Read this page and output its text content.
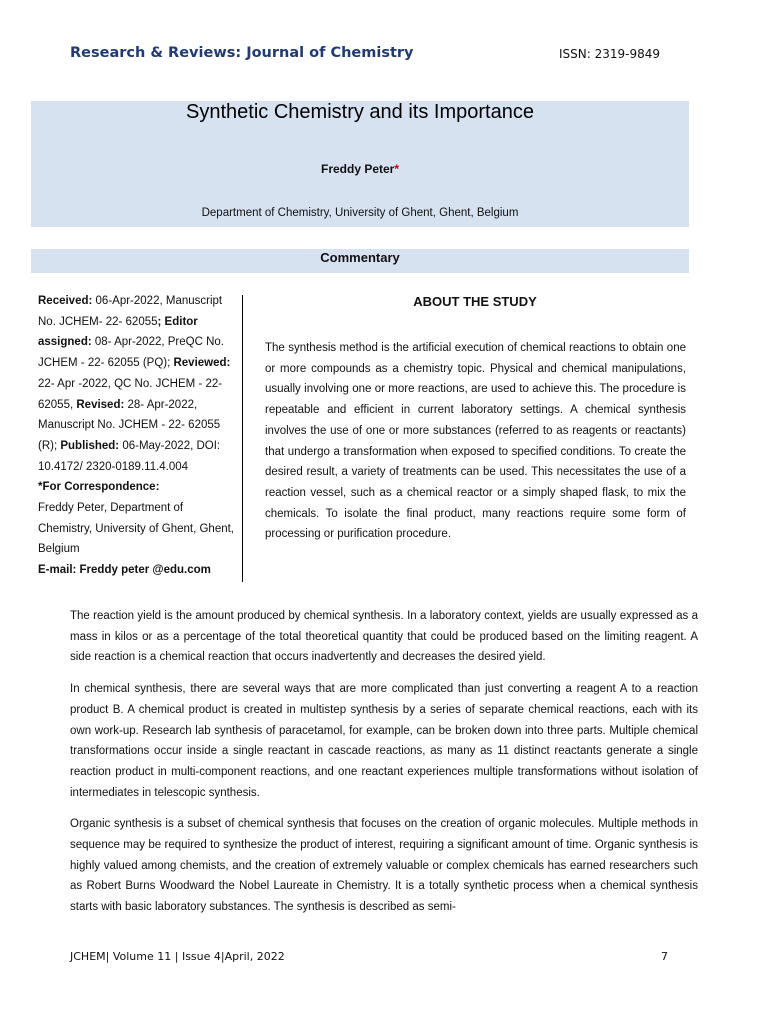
Research & Reviews: Journal of Chemistry	ISSN: 2319-9849
Synthetic Chemistry and its Importance
Freddy Peter*
Department of Chemistry, University of Ghent, Ghent, Belgium
Commentary
Received: 06-Apr-2022, Manuscript No. JCHEM- 22- 62055; Editor assigned: 08- Apr-2022, PreQC No. JCHEM - 22- 62055 (PQ); Reviewed: 22- Apr -2022, QC No. JCHEM - 22-62055, Revised: 28- Apr-2022, Manuscript No. JCHEM - 22- 62055 (R); Published: 06-May-2022, DOI: 10.4172/ 2320-0189.11.4.004
*For Correspondence:
Freddy Peter, Department of Chemistry, University of Ghent, Ghent, Belgium
E-mail: Freddy peter @edu.com
ABOUT THE STUDY
The synthesis method is the artificial execution of chemical reactions to obtain one or more compounds as a chemistry topic. Physical and chemical manipulations, usually involving one or more reactions, are used to achieve this. The procedure is repeatable and efficient in current laboratory settings. A chemical synthesis involves the use of one or more substances (referred to as reagents or reactants) that undergo a transformation when exposed to specified conditions. To create the desired result, a variety of treatments can be used. This necessitates the use of a reaction vessel, such as a chemical reactor or a simply shaped flask, to mix the chemicals. To isolate the final product, many reactions require some form of processing or purification procedure.

The reaction yield is the amount produced by chemical synthesis. In a laboratory context, yields are usually expressed as a mass in kilos or as a percentage of the total theoretical quantity that could be produced based on the limiting reagent. A side reaction is a chemical reaction that occurs inadvertently and decreases the desired yield.

In chemical synthesis, there are several ways that are more complicated than just converting a reagent A to a reaction product B. A chemical product is created in multistep synthesis by a series of separate chemical reactions, each with its own work-up. Research lab synthesis of paracetamol, for example, can be broken down into three parts. Multiple chemical transformations occur inside a single reactant in cascade reactions, as many as 11 distinct reactants generate a single reaction product in multi-component reactions, and one reactant experiences multiple transformations without isolation of intermediates in telescopic synthesis.

Organic synthesis is a subset of chemical synthesis that focuses on the creation of organic molecules. Multiple methods in sequence may be required to synthesize the product of interest, requiring a significant amount of time. Organic synthesis is highly valued among chemists, and the creation of extremely valuable or complex chemicals has earned researchers such as Robert Burns Woodward the Nobel Laureate in Chemistry. It is a totally synthetic process when a chemical synthesis starts with basic laboratory substances. The synthesis is described as semi-

JCHEM| Volume 11 | Issue 4|April, 2022	7
